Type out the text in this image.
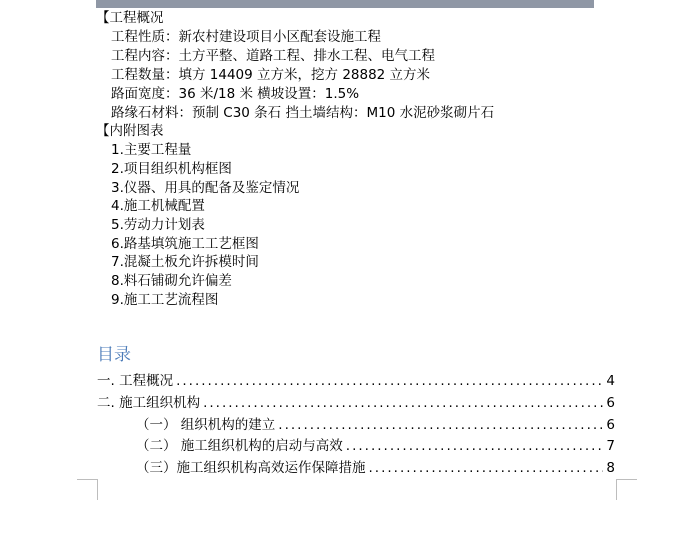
【工程概况
工程性质：新农村建设项目小区配套设施工程
工程内容：土方平整、道路工程、排水工程、电气工程
工程数量：填方 14409 立方米，挖方 28882 立方米
路面宽度：36 米/18 米 横坡设置：1.5%
路缘石材料：预制 C30 条石 挡土墙结构：M10 水泥砂浆砌片石
【内附图表
1.主要工程量
2.项目组织机构框图
3.仪器、用具的配备及鉴定情况
4.施工机械配置
5.劳动力计划表
6.路基填筑施工工艺框图
7.混凝土板允许拆模时间
8.料石铺砌允许偏差
9.施工工艺流程图
目录
一. 工程概况 .....	4
二. 施工组织机构 .....	6
（一） 组织机构的建立 .....	6
（二） 施工组织机构的启动与高效 .....	7
（三）施工组织机构高效运作保障措施 .....	8
